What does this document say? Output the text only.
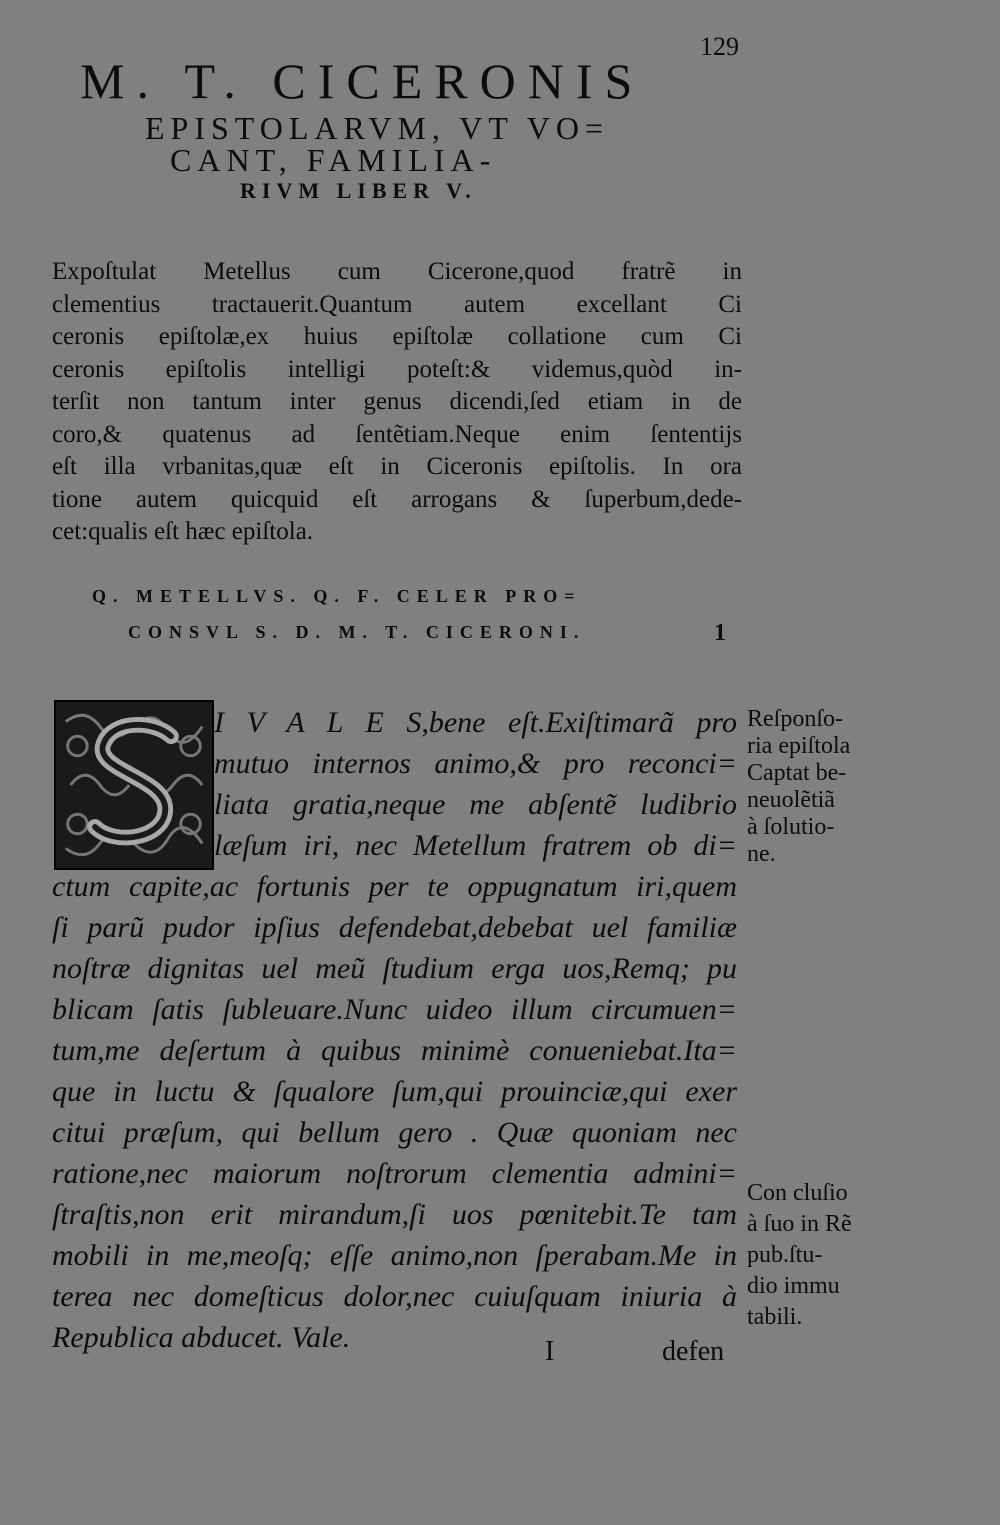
129
M. T. CICERONIS
EPISTOLARVM, VT VO=
CANT, FAMILIA-
RIVM LIBER V.
Expoſtulat Metellus cum Cicerone,quod fratrẽ in
clementius tractauerit.Quantum autem excellant Ci
ceronis epiſtolæ,ex huius epiſtolæ collatione cum Ci
ceronis epiſtolis intelligi poteſt:& videmus,quòd in-
terſit non tantum inter genus dicendi,ſed etiam in de
coro,& quatenus ad ſentẽtiam.Neque enim ſententijs
eſt illa vrbanitas,quæ eſt in Ciceronis epiſtolis. In ora
tione autem quicquid eſt arrogans & ſuperbum,dede-
cet:qualis eſt hæc epiſtola.
Q. METELLVS. Q. F. CELER PRO=
CONSVL S. D. M. T. CICERONI.	1
I V A L E S,bene eſt.Exiſtimarã pro
mutuo internos animo,& pro reconci=
liata gratia,neque me abſentẽ ludibrio
læſum iri, nec Metellum fratrem ob di=
ctum capite,ac fortunis per te oppugnatum iri,quem
ſi parũ pudor ipſius defendebat,debebat uel familiæ
noſtræ dignitas uel meũ ſtudium erga uos,Remq; pu
blicam ſatis ſubleuare.Nunc uideo illum circumuen=
tum,me deſertum à quibus minimè conueniebat.Ita=
que in luctu & ſqualore ſum,qui prouinciæ,qui exer
citui præſum, qui bellum gero . Quæ quoniam nec
ratione,nec maiorum noſtrorum clementia admini=
ſtraſtis,non erit mirandum,ſi uos pœnitebit.Te tam
mobili in me,meoſq; eſſe animo,non ſperabam.Me in
terea nec domeſticus dolor,nec cuiuſquam iniuria à
Republica abducet. Vale.
Reſponſo-
ria epiſtola
Captat be-
neuolẽtiã
à ſolutio-
ne.
Con cluſio
à ſuo in Rẽ
pub.ſtu-
dio immu
tabili.
I	defen
